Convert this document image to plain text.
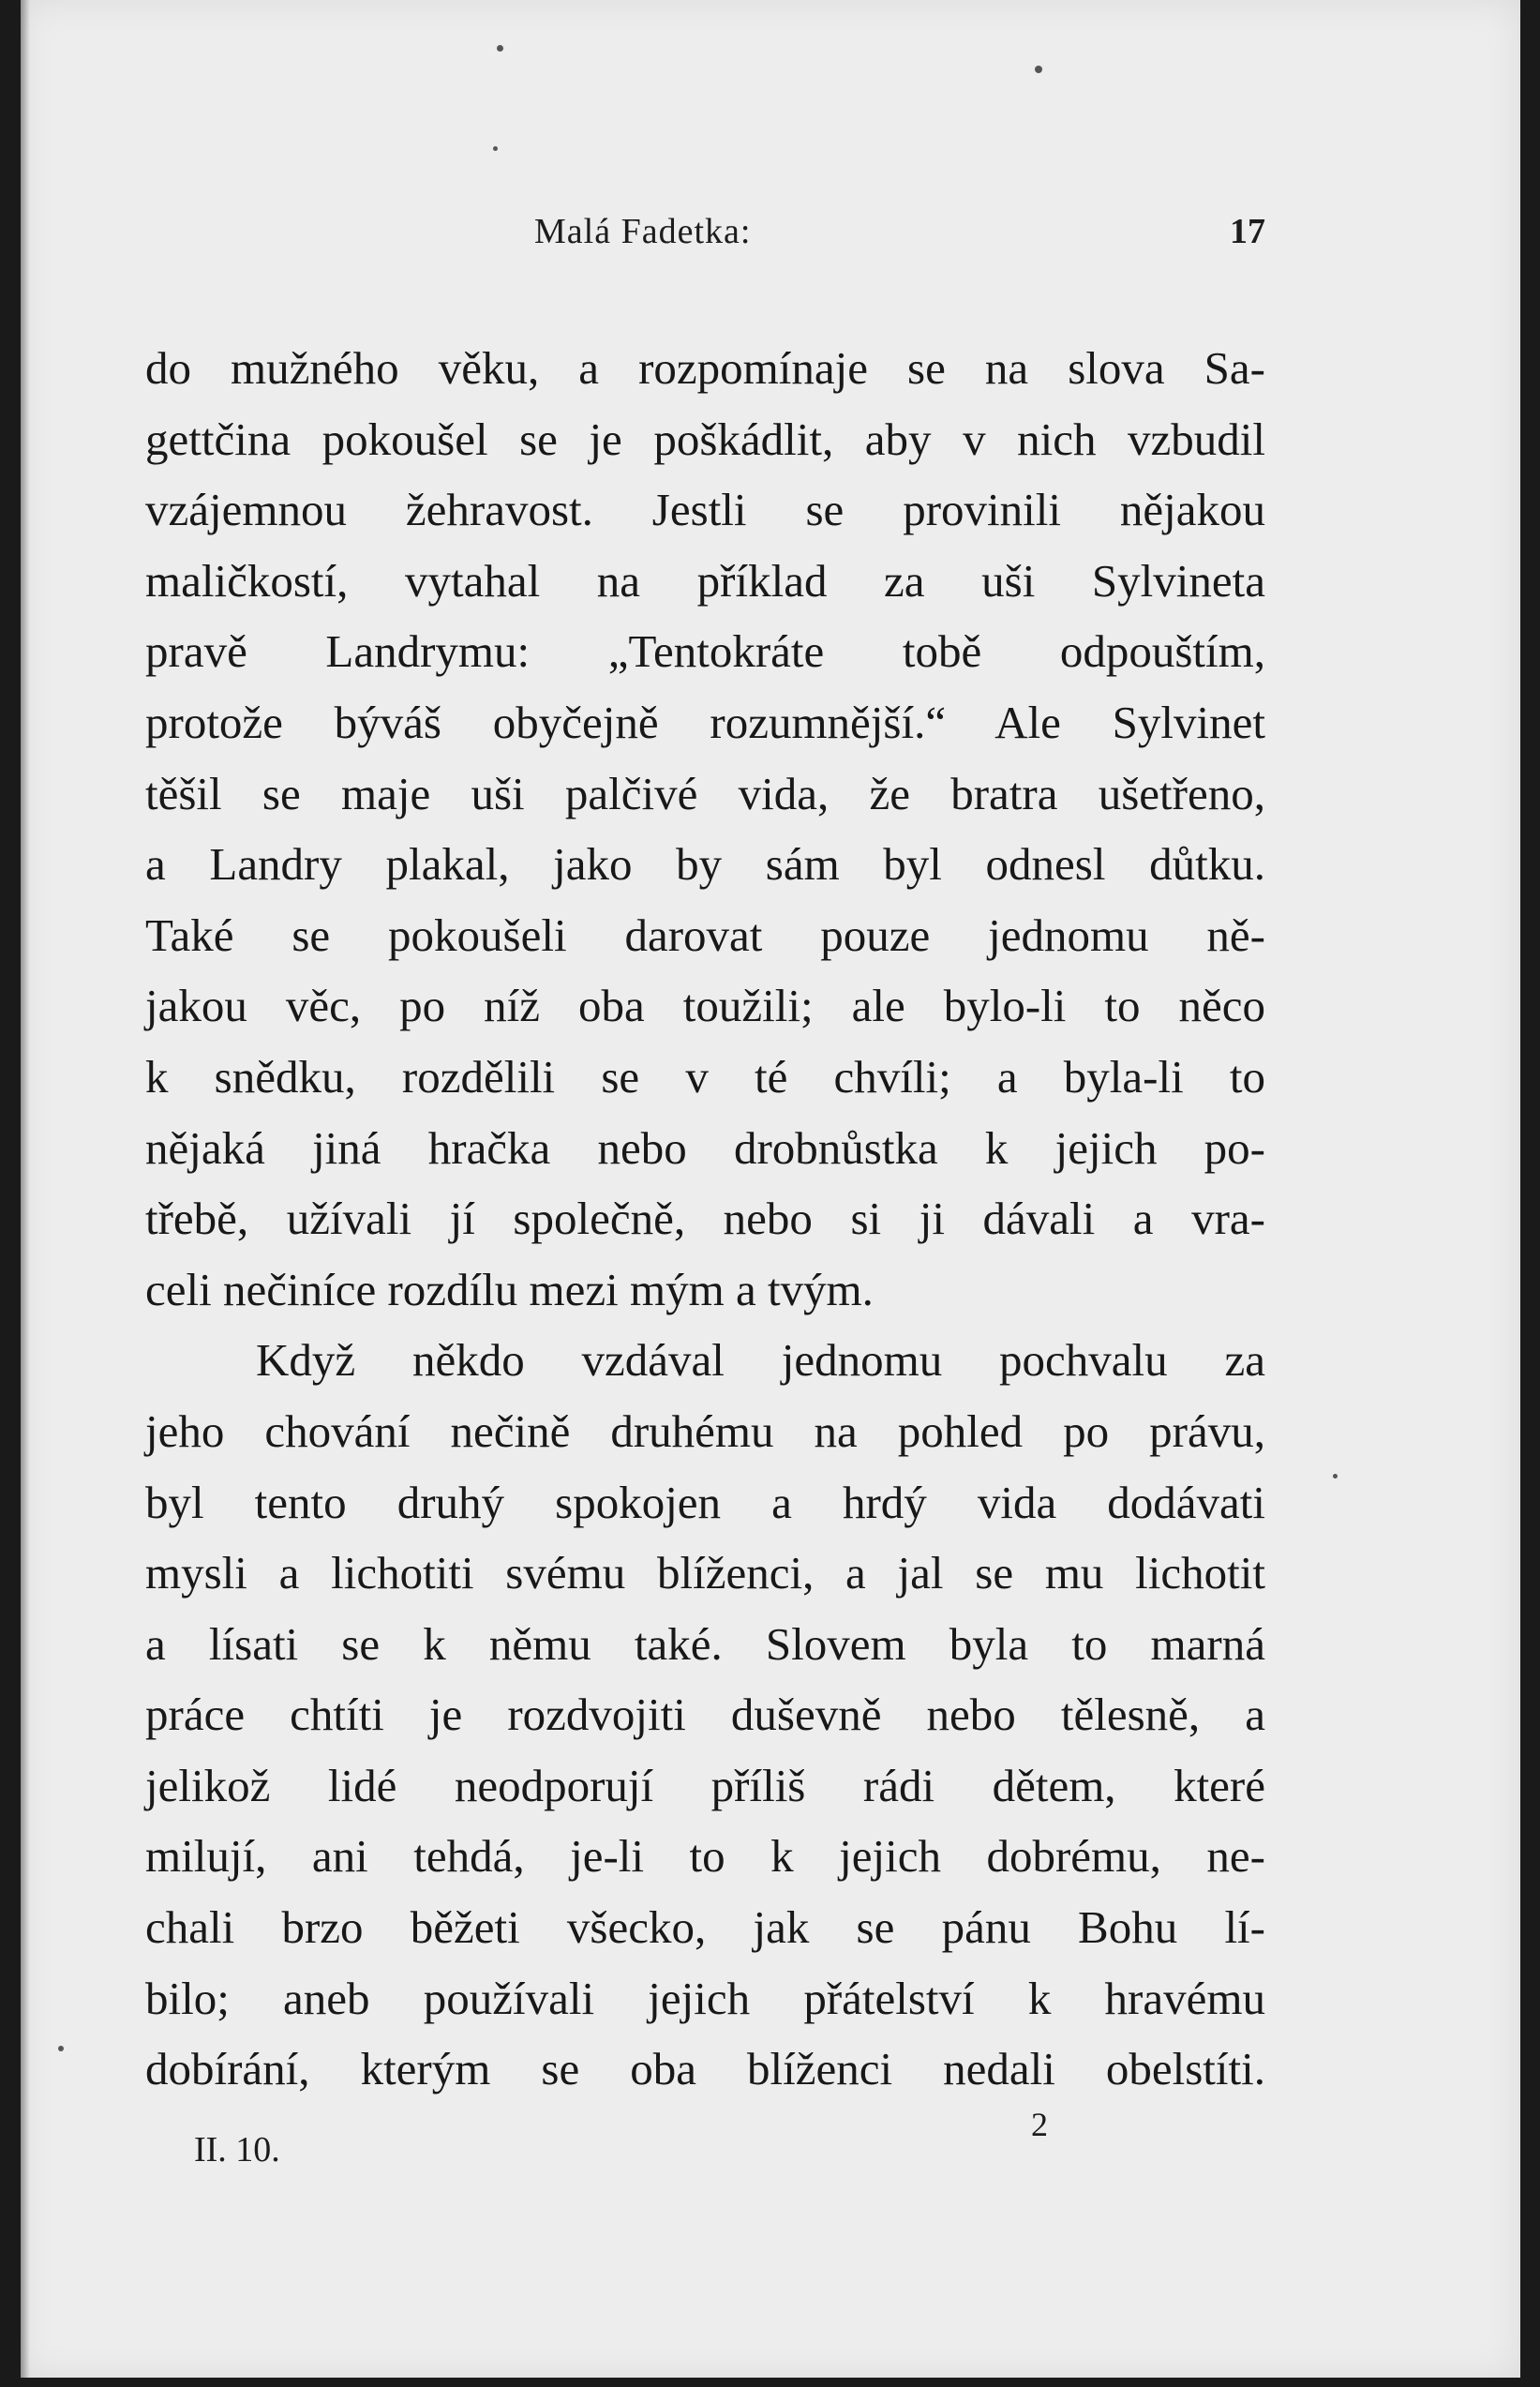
Malá Fadetka:	17
do mužného věku, a rozpomínaje se na slova Sa-
gettčina pokoušel se je poškádlit, aby v nich vzbudil
vzájemnou žehravost. Jestli se provinili nějakou
maličkostí, vytahal na příklad za uši Sylvineta
pravě Landrymu: „Tentokráte tobě odpouštím,
protože býváš obyčejně rozumnější.“ Ale Sylvinet
těšil se maje uši palčivé vida, že bratra ušetřeno,
a Landry plakal, jako by sám byl odnesl důtku.
Také se pokoušeli darovat pouze jednomu ně-
jakou věc, po níž oba toužili; ale bylo-li to něco
k snědku, rozdělili se v té chvíli; a byla-li to
nějaká jiná hračka nebo drobnůstka k jejich po-
třebě, užívali jí společně, nebo si ji dávali a vra-
celi nečiníce rozdílu mezi mým a tvým.
Když někdo vzdával jednomu pochvalu za
jeho chování nečině druhému na pohled po právu,
byl tento druhý spokojen a hrdý vida dodávati
mysli a lichotiti svému blíženci, a jal se mu lichotit
a lísati se k němu také. Slovem byla to marná
práce chtíti je rozdvojiti duševně nebo tělesně, a
jelikož lidé neodporují příliš rádi dětem, které
milují, ani tehdá, je-li to k jejich dobrému, ne-
chali brzo běžeti všecko, jak se pánu Bohu lí-
bilo; aneb používali jejich přátelství k hravému
dobírání, kterým se oba blíženci nedali obelstíti.
II. 10.
2
